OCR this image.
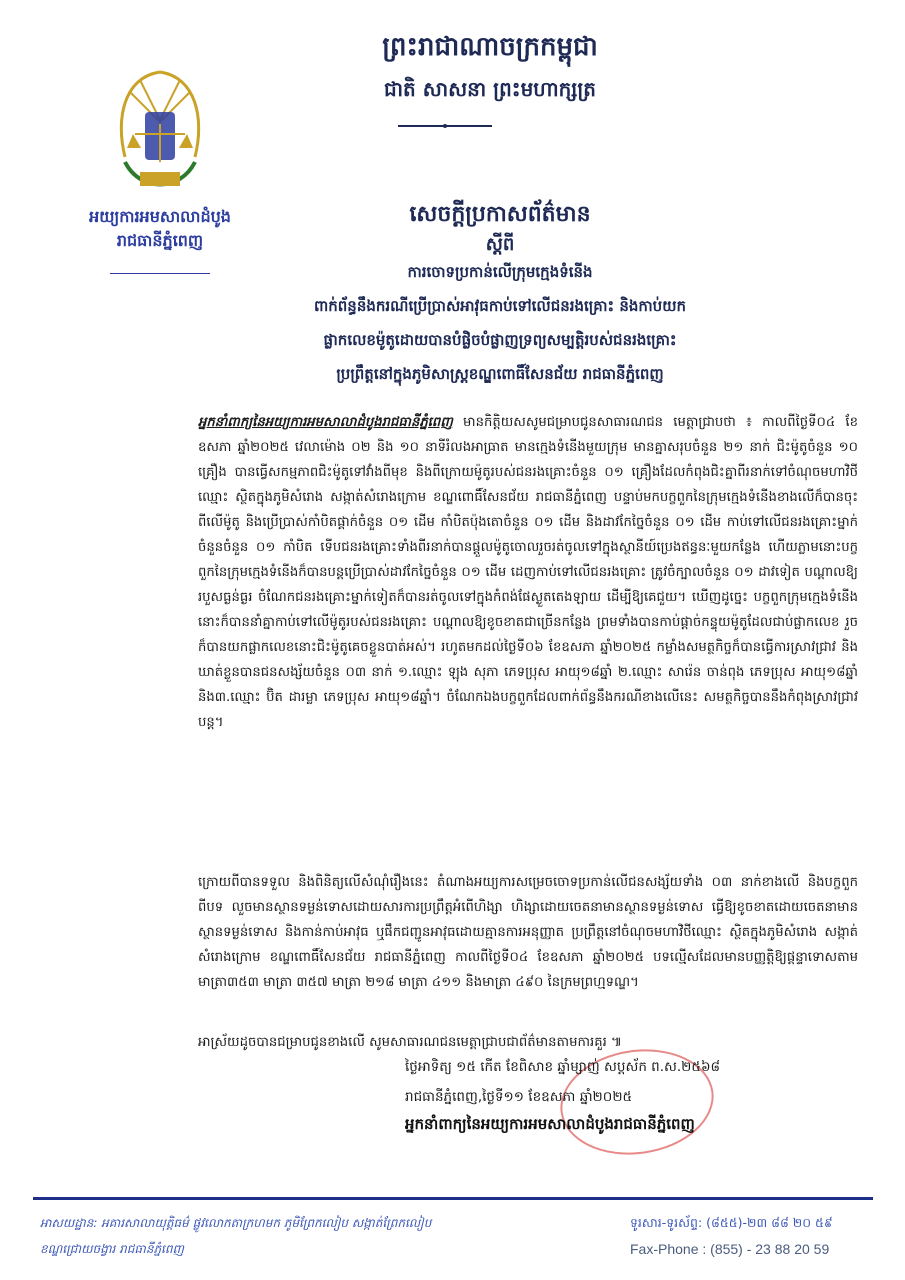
ព្រះរាជាណាចក្រកម្ពុជា
ជាតិ សាសនា ព្រះមហាក្សត្រ
អយ្យការអមសាលាដំបូង
រាជធានីភ្នំពេញ
សេចក្តីប្រកាសព័ត៌មាន
ស្តីពី
ការចោទប្រកាន់លើក្រុមក្មេងទំនើង
ពាក់ព័ន្ធនឹងករណីប្រើប្រាស់អាវុធកាប់ទៅលើជនរងគ្រោះ និងកាប់យក
ផ្លាកលេខម៉ូតូដោយបានបំផ្លិចបំផ្លាញទ្រព្យសម្បត្តិរបស់ជនរងគ្រោះ
ប្រព្រឹត្តនៅក្នុងភូមិសាស្ត្រខណ្ឌពោធិ៍សែនជ័យ រាជធានីភ្នំពេញ
អ្នកនាំពាក្យនៃអយ្យការអមសាលាដំបូងរាជធានីភ្នំពេញ មានកិត្តិយសសូមជម្រាបជូនសាធារណជន មេត្តាជ្រាបថា ៖ កាលពីថ្ងៃទី០៤ ខែឧសភា ឆ្នាំ២០២៥ វេលាម៉ោង ០២ និង ១០ នាទីរំលងអាធ្រាត មានក្មេងទំនើងមួយក្រុម មានគ្នាសរុបចំនួន ២១ នាក់ ជិះម៉ូតូចំនួន ១០ គ្រឿង បានធ្វើសកម្មភាពជិះម៉ូតូទៅវាំងពីមុខ និងពីក្រោយម៉ូតូរបស់ជនរងគ្រោះចំនួន ០១ គ្រឿងដែលកំពុងជិះគ្នាពីរនាក់ទៅចំណុចមហាវិថីឈ្មោះ ស្ថិតក្នុងភូមិសំរោង សង្កាត់សំរោងក្រោម ខណ្ឌពោធិ៍សែនជ័យ រាជធានីភ្នំពេញ បន្ទាប់មកបក្ខពួកនៃក្រុមក្មេងទំនើងខាងលើក៏បានចុះពីលើម៉ូតូ និងប្រើប្រាស់កាំបិតផ្គាក់ចំនួន ០១ ដើម កាំបិតប៉ុងតោចំនួន ០១ ដើម និងដាវកែច្នៃចំនួន ០១ ដើម កាប់ទៅលើជនរងគ្រោះម្នាក់ចំនួនចំនួន ០១ កាំបិត ទើបជនរងគ្រោះទាំងពីរនាក់បានផ្តួលម៉ូតូចោលរួចរត់ចូលទៅក្នុងស្ថានីយ៍ប្រេងឥន្ធនៈមួយកន្លែង ហើយភ្លាមនោះបក្ខពួកនៃក្រុមក្មេងទំនើងក៏បានបន្តប្រើប្រាស់ដាវកែច្នៃចំនួន ០១ ដើម ដេញកាប់ទៅលើជនរងគ្រោះ ត្រូវចំក្បាលចំនួន ០១ ដាវទៀត បណ្តាលឱ្យរបួសធ្ងន់ធ្ងរ ចំណែកជនរងគ្រោះម្នាក់ទៀតក៏បានរត់ចូលទៅក្នុងកំពង់ផែស្ងួតតេងឡាយ ដើម្បីឱ្យគេជួយ។ ឃើញដូច្នេះ បក្ខពួកក្រុមក្មេងទំនើងនោះក៏បាននាំគ្នាកាប់ទៅលើម៉ូតូរបស់ជនរងគ្រោះ បណ្តាលឱ្យខូចខាតជាច្រើនកន្លែង ព្រមទាំងបានកាប់ផ្តាច់កន្ទុយម៉ូតូដែលជាប់ផ្លាកលេខ រួចក៏បានយកផ្លាកលេខនោះជិះម៉ូតូគេចខ្លួនបាត់អស់។ រហូតមកដល់ថ្ងៃទី០៦ ខែឧសភា ឆ្នាំ២០២៥ កម្លាំងសមត្ថកិច្ចក៏បានធ្វើការស្រាវជ្រាវ និងឃាត់ខ្លួនបានជនសង្ស័យចំនួន ០៣ នាក់ ១.ឈ្មោះ ឡុង សុភា ភេទប្រុស អាយុ១៨ឆ្នាំ ២.ឈ្មោះ សារ៉េន ចាន់ពុង ភេទប្រុស អាយុ១៨ឆ្នាំ និង៣.ឈ្មោះ ប៊ិត ដារម្លា ភេទប្រុស អាយុ១៨ឆ្នាំ។ ចំណែកឯងបក្ខពួកដែលពាក់ព័ន្ធនឹងករណីខាងលើនេះ សមត្ថកិច្ចបាននឹងកំពុងស្រាវជ្រាវបន្ត។
ក្រោយពីបានទទួល និងពិនិត្យលើសំណុំរឿងនេះ តំណាងអយ្យការសម្រេចចោទប្រកាន់លើជនសង្ស័យទាំង ០៣ នាក់ខាងលើ និងបក្ខពួក ពីបទ លួចមានស្ថានទម្ងន់ទោសដោយសារការប្រព្រឹត្តអំពើហិង្សា ហិង្សាដោយចេតនាមានស្ថានទម្ងន់ទោស ធ្វើឱ្យខូចខាតដោយចេតនាមានស្ថានទម្ងន់ទោស និងកាន់កាប់អាវុធ ឬផឹកជញ្ជូនអាវុធដោយគ្មានការអនុញ្ញាត ប្រព្រឹត្តនៅចំណុចមហាវិថីឈ្មោះ ស្ថិតក្នុងភូមិសំរោង សង្កាត់សំរោងក្រោម ខណ្ឌពោធិ៍សែនជ័យ រាជធានីភ្នំពេញ កាលពីថ្ងៃទី០៤ ខែឧសភា ឆ្នាំ២០២៥ បទល្មើសដែលមានបញ្ញត្តិឱ្យផ្តន្ទាទោសតាមមាត្រា៣៥៣ មាត្រា ៣៥៧ មាត្រា ២១៨ មាត្រា ៤១១ និងមាត្រា ៤៩០ នៃក្រមព្រហ្មទណ្ឌ។
អាស្រ័យដូចបានជម្រាបជូនខាងលើ សូមសាធារណជនមេត្តាជ្រាបជាព័ត៌មានតាមការគួរ ៕
ថ្ងៃអាទិត្យ ១៥ កើត ខែពិសាខ ឆ្នាំម្សាញ់ សប្តស័ក ព.ស.២៥៦៨
រាជធានីភ្នំពេញ,ថ្ងៃទី១១ ខែឧសភា ឆ្នាំ២០២៥
អ្នកនាំពាក្យនៃអយ្យការអមសាលាដំបូងរាជធានីភ្នំពេញ
អាសយដ្ឋាន: អគារសាលាយុត្តិធម៌ ផ្លូវលោកតាក្រហមក ភូមិព្រែកលៀប សង្កាត់ព្រែកលៀប
ខណ្ឌជ្រោយចង្វារ រាជធានីភ្នំពេញ
ទូរសារ-ទូរស័ព្ទ: (៨៥៥)-២៣ ៨៨ ២០ ៥៩
Fax-Phone : (855) - 23 88 20 59
